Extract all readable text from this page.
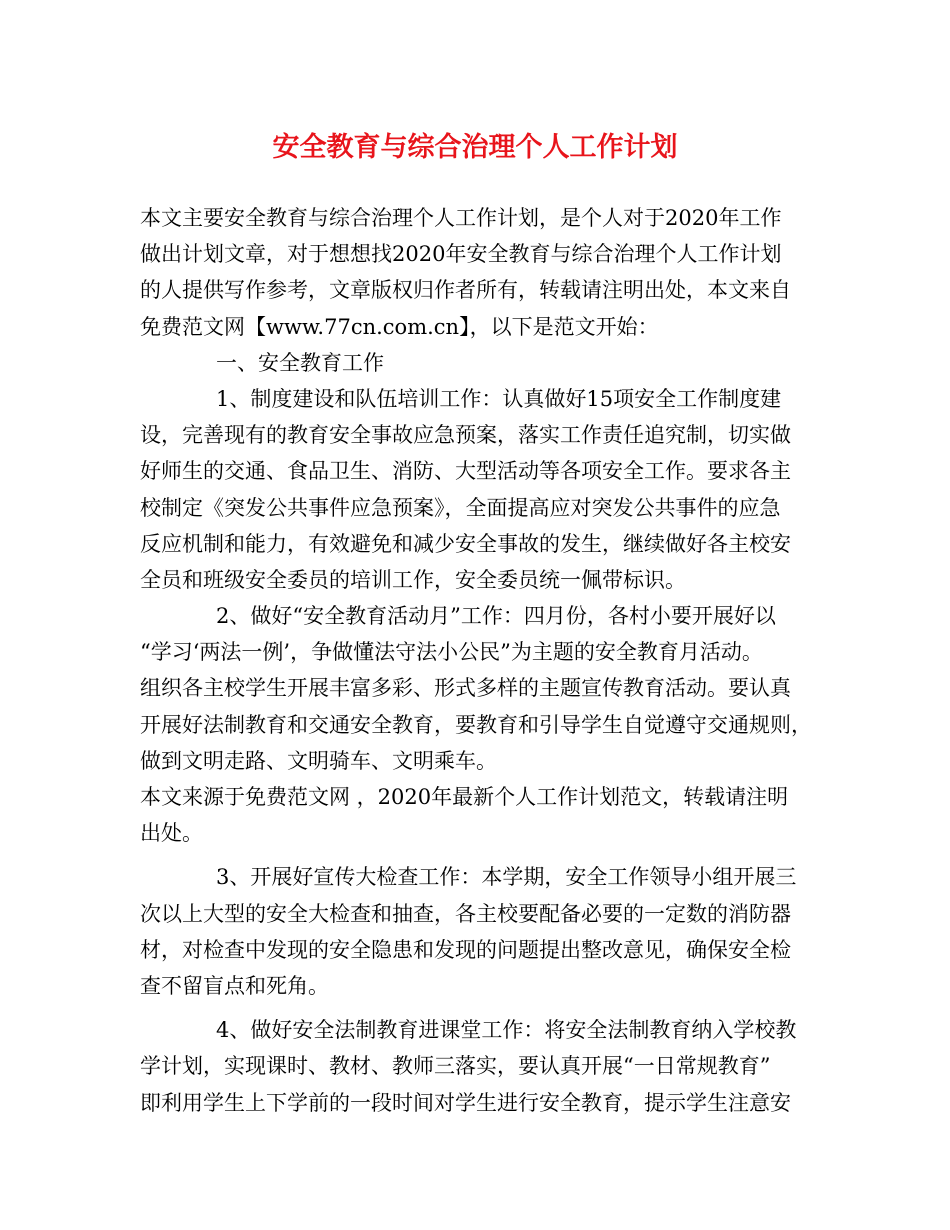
安全教育与综合治理个人工作计划
本文主要安全教育与综合治理个人工作计划，是个人对于2020年工作
做出计划文章，对于想想找2020年安全教育与综合治理个人工作计划
的人提供写作参考，文章版权归作者所有，转载请注明出处，本文来自
免费范文网【www.77cn.com.cn】，以下是范文开始：
一、安全教育工作
1、制度建设和队伍培训工作：认真做好15项安全工作制度建
设，完善现有的教育安全事故应急预案，落实工作责任追究制，切实做
好师生的交通、食品卫生、消防、大型活动等各项安全工作。要求各主
校制定《突发公共事件应急预案》，全面提高应对突发公共事件的应急
反应机制和能力，有效避免和减少安全事故的发生，继续做好各主校安
全员和班级安全委员的培训工作，安全委员统一佩带标识。
2、做好“安全教育活动月”工作：四月份，各村小要开展好以
“学习‘两法一例’，争做懂法守法小公民”为主题的安全教育月活动。
组织各主校学生开展丰富多彩、形式多样的主题宣传教育活动。要认真
开展好法制教育和交通安全教育，要教育和引导学生自觉遵守交通规则，
做到文明走路、文明骑车、文明乘车。
本文来源于免费范文网 ，2020年最新个人工作计划范文，转载请注明
出处。
3、开展好宣传大检查工作：本学期，安全工作领导小组开展三
次以上大型的安全大检查和抽查，各主校要配备必要的一定数的消防器
材，对检查中发现的安全隐患和发现的问题提出整改意见，确保安全检
查不留盲点和死角。
4、做好安全法制教育进课堂工作：将安全法制教育纳入学校教
学计划，实现课时、教材、教师三落实，要认真开展“一日常规教育”
即利用学生上下学前的一段时间对学生进行安全教育，提示学生注意安
